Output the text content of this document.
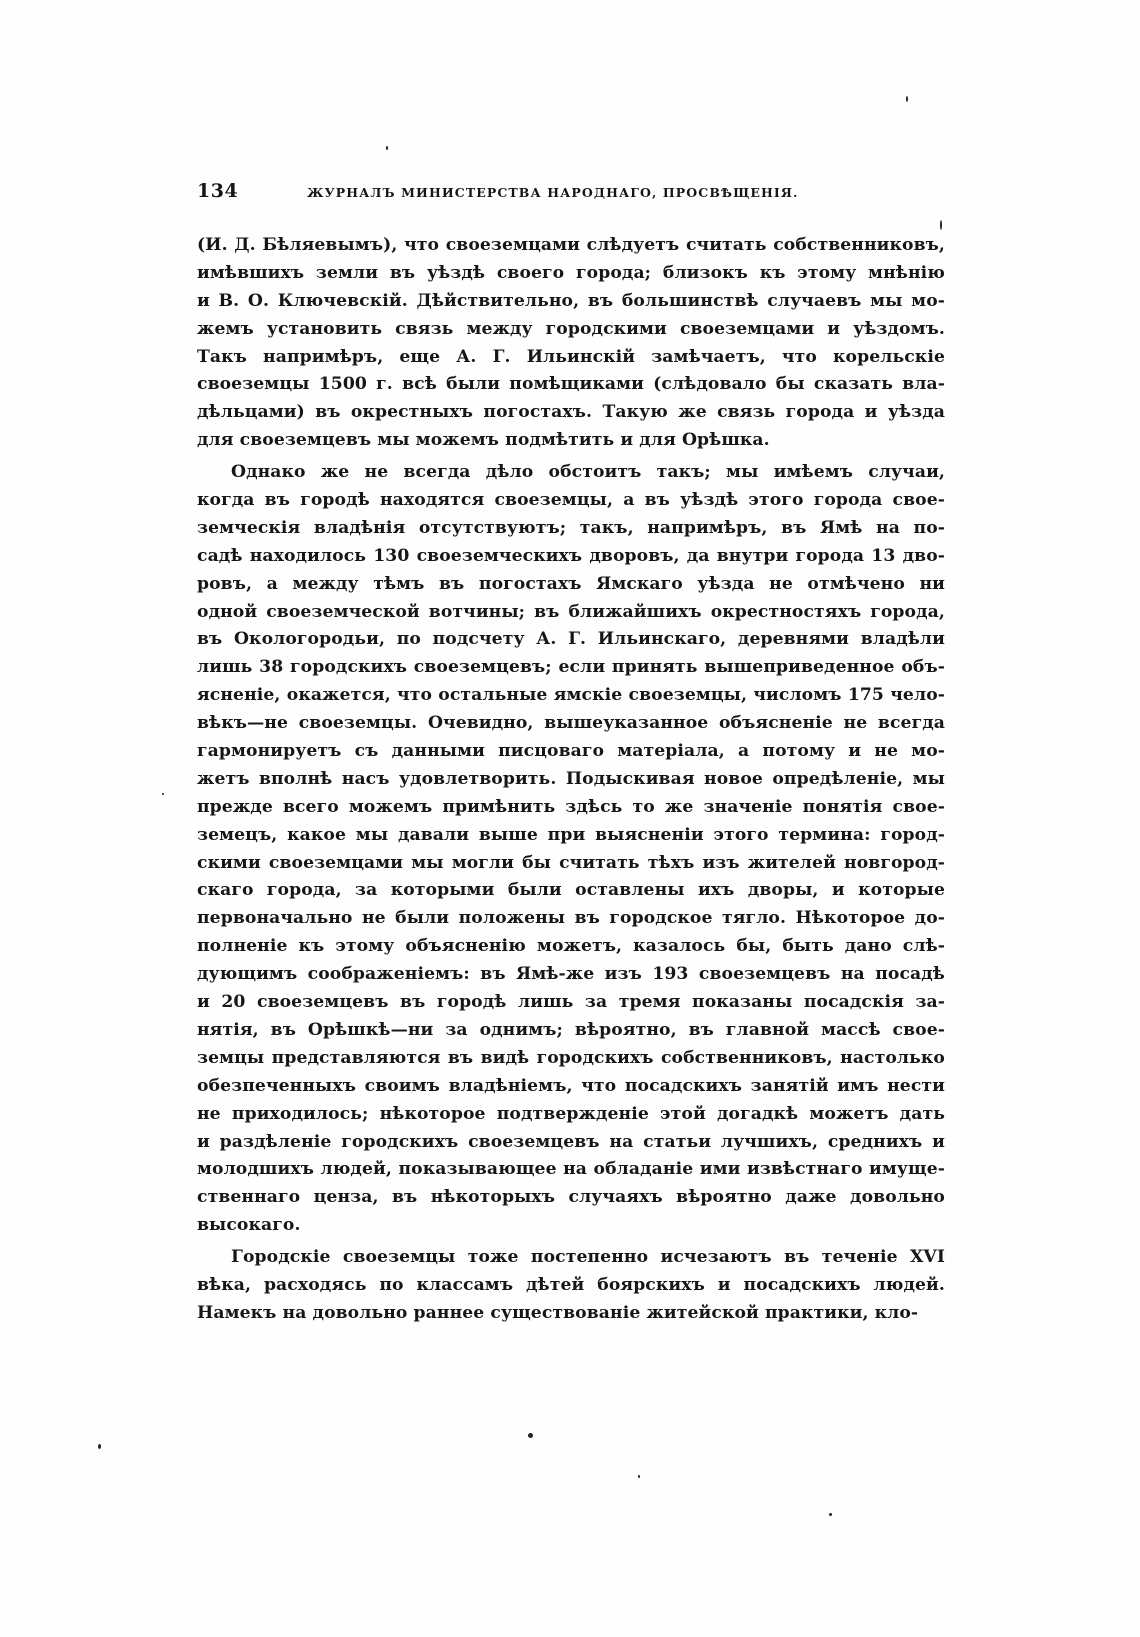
134	ЖУРНАЛЪ МИНИСТЕРСТВА НАРОДНАГО, ПРОСВѢЩЕНІЯ.
(И. Д. Бѣляевымъ), что своеземцами слѣдуетъ считать собственниковъ,
имѣвшихъ земли въ уѣздѣ своего города; близокъ къ этому мнѣнію
и В. О. Ключевскій. Дѣйствительно, въ большинствѣ случаевъ мы мо-
жемъ установить связь между городскими своеземцами и уѣздомъ.
Такъ напримѣръ, еще А. Г. Ильинскій замѣчаетъ, что корельскіе
своеземцы 1500 г. всѣ были помѣщиками (слѣдовало бы сказать вла-
дѣльцами) въ окрестныхъ погостахъ. Такую же связь города и уѣзда
для своеземцевъ мы можемъ подмѣтить и для Орѣшка.
Однако же не всегда дѣло обстоитъ такъ; мы имѣемъ случаи,
когда въ городѣ находятся своеземцы, а въ уѣздѣ этого города свое-
земческія владѣнія отсутствуютъ; такъ, напримѣръ, въ Ямѣ на по-
садѣ находилось 130 своеземческихъ дворовъ, да внутри города 13 дво-
ровъ, а между тѣмъ въ погостахъ Ямскаго уѣзда не отмѣчено ни
одной своеземческой вотчины; въ ближайшихъ окрестностяхъ города,
въ Окологородьи, по подсчету А. Г. Ильинскаго, деревнями владѣли
лишь 38 городскихъ своеземцевъ; если принять вышеприведенное объ-
ясненіе, окажется, что остальные ямскіе своеземцы, числомъ 175 чело-
вѣкъ—не своеземцы. Очевидно, вышеуказанное объясненіе не всегда
гармонируетъ съ данными писцоваго матеріала, а потому и не мо-
жетъ вполнѣ насъ удовлетворить. Подыскивая новое опредѣленіе, мы
прежде всего можемъ примѣнить здѣсь то же значеніе понятія свое-
земецъ, какое мы давали выше при выясненіи этого термина: город-
скими своеземцами мы могли бы считать тѣхъ изъ жителей новгород-
скаго города, за которыми были оставлены ихъ дворы, и которые
первоначально не были положены въ городское тягло. Нѣкоторое до-
полненіе къ этому объясненію можетъ, казалось бы, быть дано слѣ-
дующимъ соображеніемъ: въ Ямѣ-же изъ 193 своеземцевъ на посадѣ
и 20 своеземцевъ въ городѣ лишь за тремя показаны посадскія за-
нятія, въ Орѣшкѣ—ни за однимъ; вѣроятно, въ главной массѣ свое-
земцы представляются въ видѣ городскихъ собственниковъ, настолько
обезпеченныхъ своимъ владѣніемъ, что посадскихъ занятій имъ нести
не приходилось; нѣкоторое подтвержденіе этой догадкѣ можетъ дать
и раздѣленіе городскихъ своеземцевъ на статьи лучшихъ, среднихъ и
молодшихъ людей, показывающее на обладаніе ими извѣстнаго имуще-
ственнаго ценза, въ нѣкоторыхъ случаяхъ вѣроятно даже довольно
высокаго.
Городскіе своеземцы тоже постепенно исчезаютъ въ теченіе XVI
вѣка, расходясь по классамъ дѣтей боярскихъ и посадскихъ людей.
Намекъ на довольно раннее существованіе житейской практики, кло-
